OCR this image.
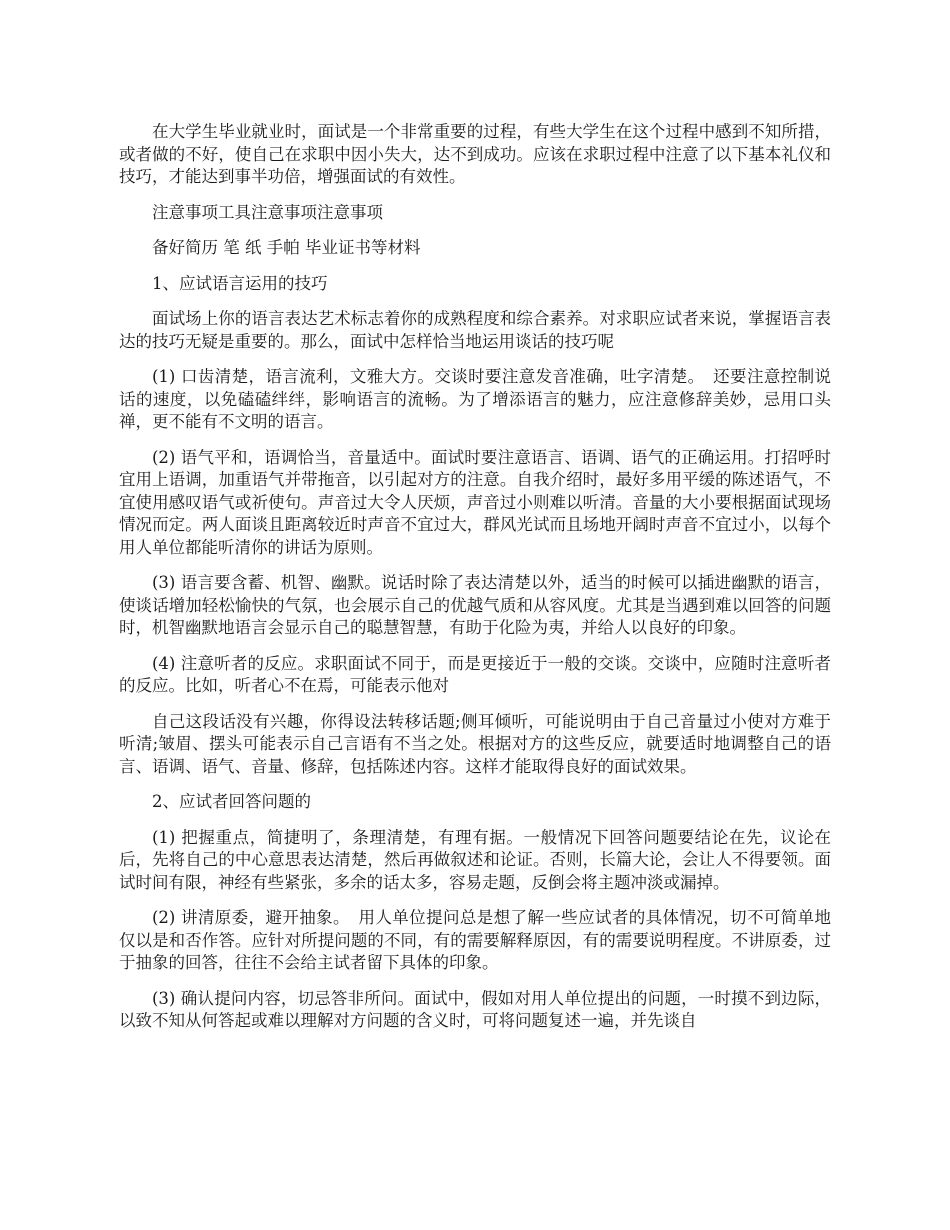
在大学生毕业就业时，面试是一个非常重要的过程，有些大学生在这个过程中感到不知所措，或者做的不好，使自己在求职中因小失大，达不到成功。应该在求职过程中注意了以下基本礼仪和技巧，才能达到事半功倍，增强面试的有效性。

注意事项工具注意事项注意事项

备好简历 笔 纸 手帕 毕业证书等材料

1、应试语言运用的技巧

面试场上你的语言表达艺术标志着你的成熟程度和综合素养。对求职应试者来说，掌握语言表达的技巧无疑是重要的。那么，面试中怎样恰当地运用谈话的技巧呢

(1) 口齿清楚，语言流利，文雅大方。交谈时要注意发音准确，吐字清楚。　还要注意控制说话的速度，以免磕磕绊绊，影响语言的流畅。为了增添语言的魅力，应注意修辞美妙，忌用口头禅，更不能有不文明的语言。

(2) 语气平和，语调恰当，音量适中。面试时要注意语言、语调、语气的正确运用。打招呼时宜用上语调，加重语气并带拖音，以引起对方的注意。自我介绍时，最好多用平缓的陈述语气，不宜使用感叹语气或祈使句。声音过大令人厌烦，声音过小则难以听清。音量的大小要根据面试现场情况而定。两人面谈且距离较近时声音不宜过大，群风光试而且场地开阔时声音不宜过小，以每个用人单位都能听清你的讲话为原则。

(3) 语言要含蓄、机智、幽默。说话时除了表达清楚以外，适当的时候可以插进幽默的语言，使谈话增加轻松愉快的气氛，也会展示自己的优越气质和从容风度。尤其是当遇到难以回答的问题时，机智幽默地语言会显示自己的聪慧智慧，有助于化险为夷，并给人以良好的印象。

(4) 注意听者的反应。求职面试不同于，而是更接近于一般的交谈。交谈中，应随时注意听者的反应。比如，听者心不在焉，可能表示他对

自己这段话没有兴趣，你得设法转移话题;侧耳倾听，可能说明由于自己音量过小使对方难于听清;皱眉、摆头可能表示自己言语有不当之处。根据对方的这些反应，就要适时地调整自己的语言、语调、语气、音量、修辞，包括陈述内容。这样才能取得良好的面试效果。

2、应试者回答问题的

(1) 把握重点，简捷明了，条理清楚，有理有据。一般情况下回答问题要结论在先，议论在后，先将自己的中心意思表达清楚，然后再做叙述和论证。否则，长篇大论，会让人不得要领。面试时间有限，神经有些紧张，多余的话太多，容易走题，反倒会将主题冲淡或漏掉。

(2) 讲清原委，避开抽象。　用人单位提问总是想了解一些应试者的具体情况，切不可简单地仅以是和否作答。应针对所提问题的不同，有的需要解释原因，有的需要说明程度。不讲原委，过于抽象的回答，往往不会给主试者留下具体的印象。

(3) 确认提问内容，切忌答非所问。面试中，假如对用人单位提出的问题，一时摸不到边际，以致不知从何答起或难以理解对方问题的含义时，可将问题复述一遍，并先谈自
